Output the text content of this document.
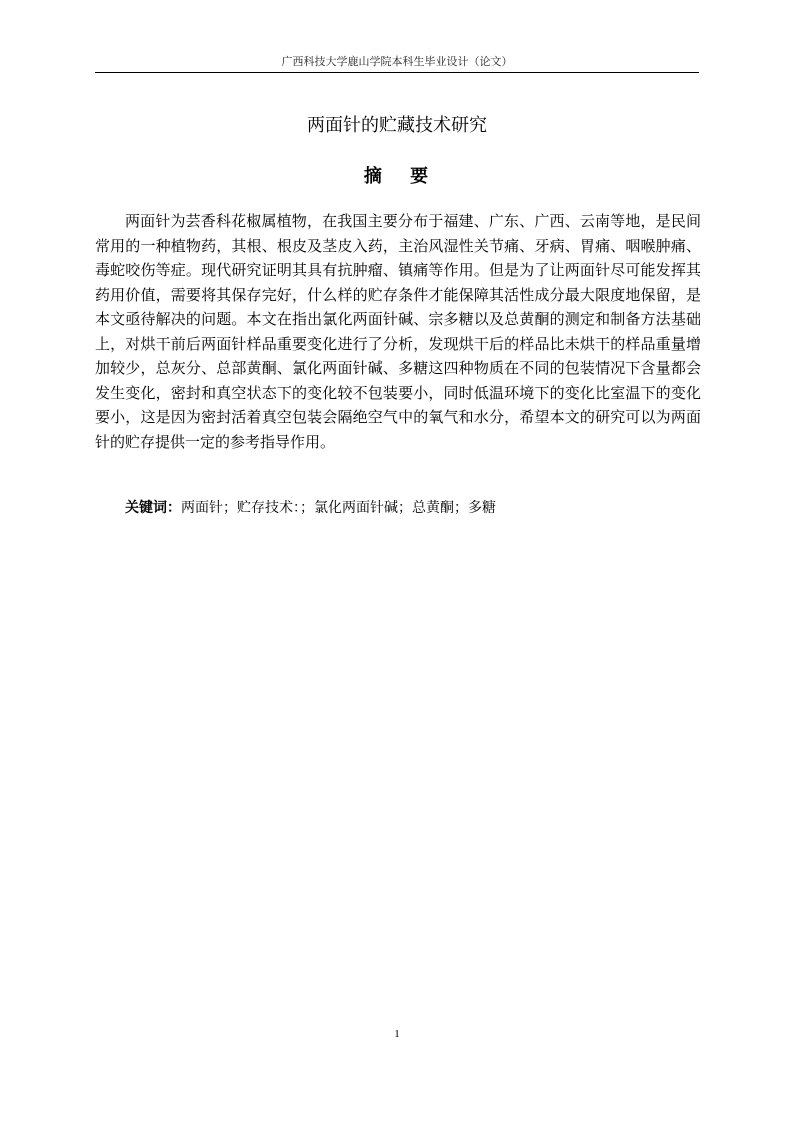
广西科技大学鹿山学院本科生毕业设计（论文）
两面针的贮藏技术研究
摘 要

两面针为芸香科花椒属植物，在我国主要分布于福建、广东、广西、云南等地，是民间常用的一种植物药，其根、根皮及茎皮入药，主治风湿性关节痛、牙病、胃痛、咽喉肿痛、毒蛇咬伤等症。现代研究证明其具有抗肿瘤、镇痛等作用。但是为了让两面针尽可能发挥其药用价值，需要将其保存完好，什么样的贮存条件才能保障其活性成分最大限度地保留，是本文亟待解决的问题。本文在指出氯化两面针碱、宗多糖以及总黄酮的测定和制备方法基础上，对烘干前后两面针样品重要变化进行了分析，发现烘干后的样品比未烘干的样品重量增加较少，总灰分、总部黄酮、氯化两面针碱、多糖这四种物质在不同的包装情况下含量都会发生变化，密封和真空状态下的变化较不包装要小，同时低温环境下的变化比室温下的变化要小，这是因为密封活着真空包装会隔绝空气中的氧气和水分，希望本文的研究可以为两面针的贮存提供一定的参考指导作用。

关键词：两面针；贮存技术：；氯化两面针碱；总黄酮；多糖

1
